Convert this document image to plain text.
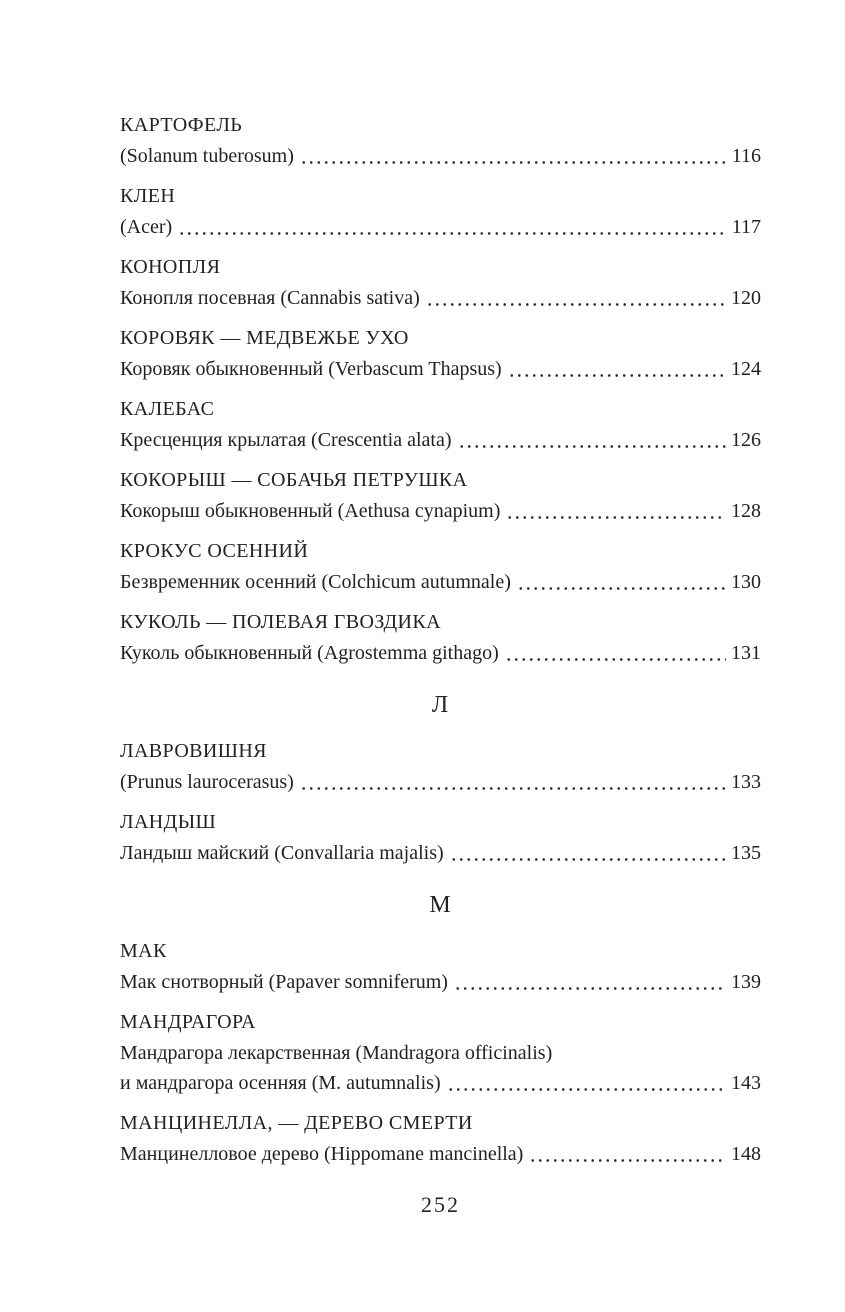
КАРТОФЕЛЬ
(Solanum tuberosum)	116
КЛЕН
(Acer)	117
КОНОПЛЯ
Конопля посевная (Cannabis sativa)	120
КОРОВЯК — МЕДВЕЖЬЕ УХО
Коровяк обыкновенный (Verbascum Thapsus)	124
КАЛЕБАС
Кресценция крылатая (Crescentia alata)	126
КОКОРЫШ — СОБАЧЬЯ ПЕТРУШКА
Кокорыш обыкновенный (Aethusa cynapium)	128
КРОКУС ОСЕННИЙ
Безвременник осенний (Colchicum autumnale)	130
КУКОЛЬ — ПОЛЕВАЯ ГВОЗДИКА
Куколь обыкновенный (Agrostemma githago)	131
Л
ЛАВРОВИШНЯ
(Prunus laurocerasus)	133
ЛАНДЫШ
Ландыш майский (Convallaria majalis)	135
М
МАК
Мак снотворный (Papaver somniferum)	139
МАНДРАГОРА
Мандрагора лекарственная (Mandragora officinalis)
и мандрагора осенняя (M. autumnalis)	143
МАНЦИНЕЛЛА, — ДЕРЕВО СМЕРТИ
Манцинелловое дерево (Hippomane mancinella)	148
252
